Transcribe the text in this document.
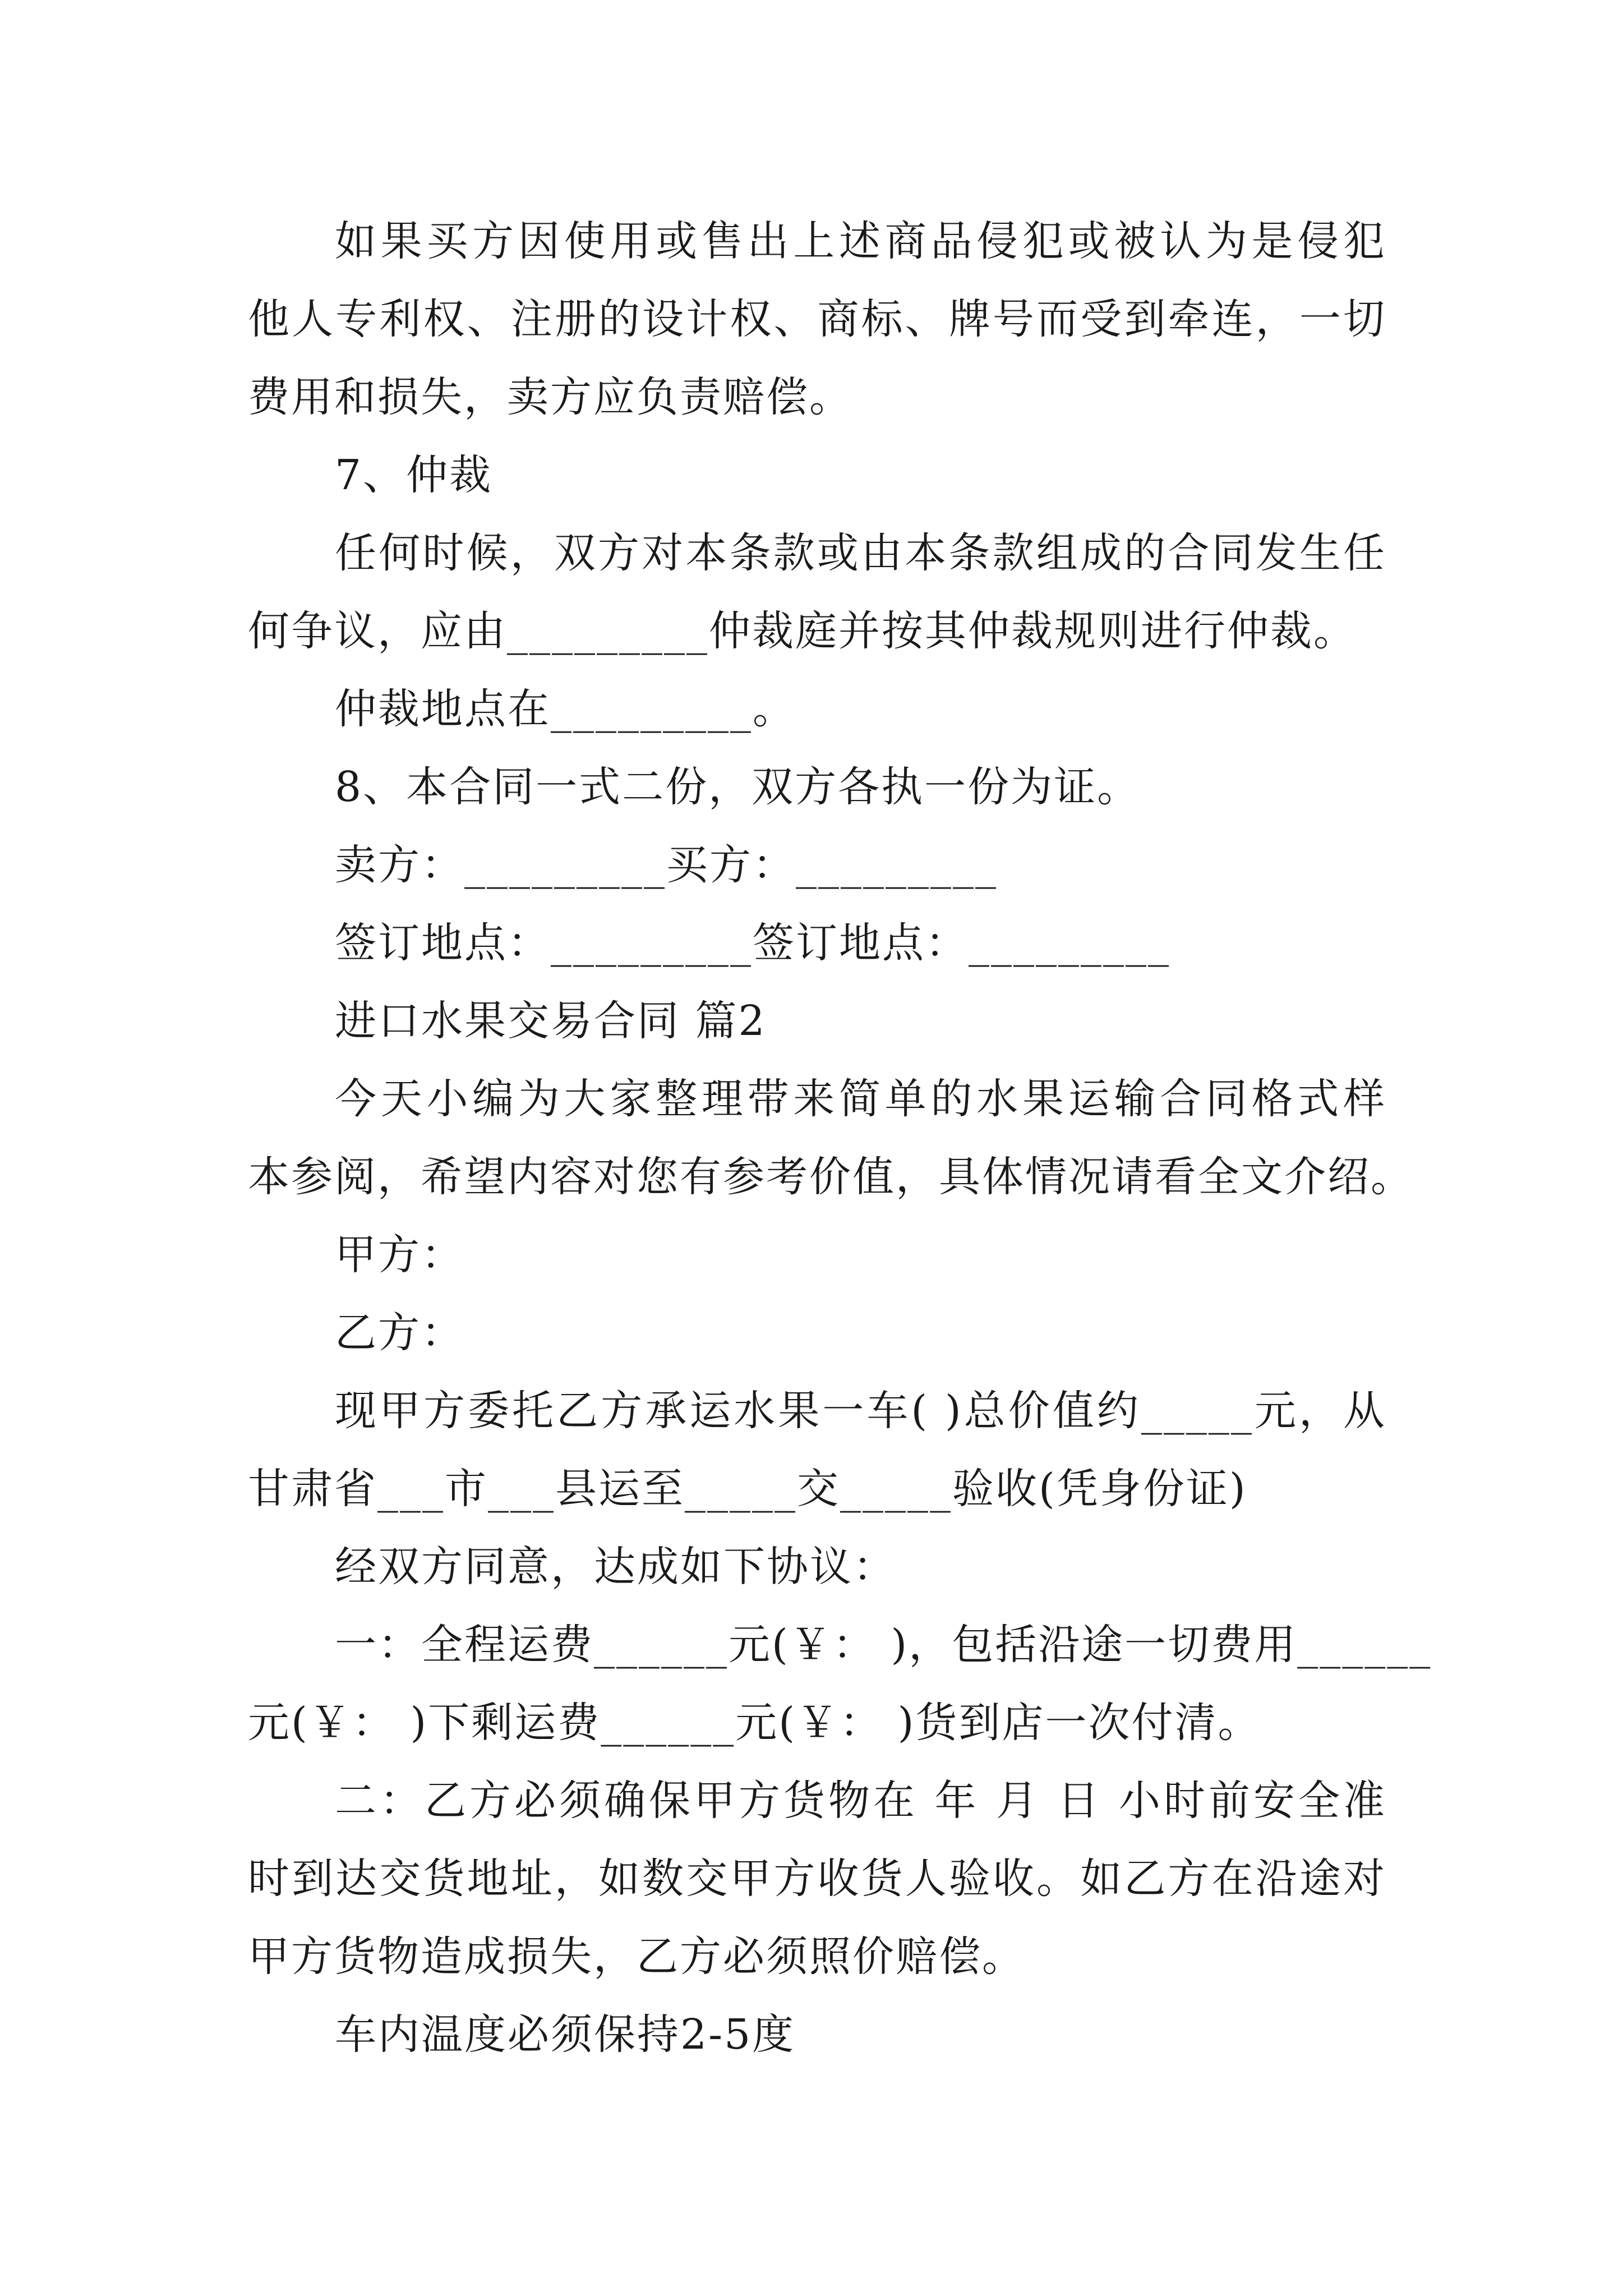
如果买方因使用或售出上述商品侵犯或被认为是侵犯
他人专利权、注册的设计权、商标、牌号而受到牵连，一切
费用和损失，卖方应负责赔偿。
7、仲裁
任何时候，双方对本条款或由本条款组成的合同发生任
何争议，应由_________仲裁庭并按其仲裁规则进行仲裁。
仲裁地点在_________。
8、本合同一式二份，双方各执一份为证。
卖方：_________买方：_________
签订地点：_________签订地点：_________
进口水果交易合同 篇2
今天小编为大家整理带来简单的水果运输合同格式样
本参阅，希望内容对您有参考价值，具体情况请看全文介绍。
甲方：
乙方：
现甲方委托乙方承运水果一车( )总价值约_____元，从
甘肃省___市___县运至_____交_____验收(凭身份证)
经双方同意，达成如下协议：
一：全程运费______元(￥： )，包括沿途一切费用______
元(￥： )下剩运费______元(￥： )货到店一次付清。
二：乙方必须确保甲方货物在 年 月 日 小时前安全准
时到达交货地址，如数交甲方收货人验收。如乙方在沿途对
甲方货物造成损失，乙方必须照价赔偿。
车内温度必须保持2-5度
